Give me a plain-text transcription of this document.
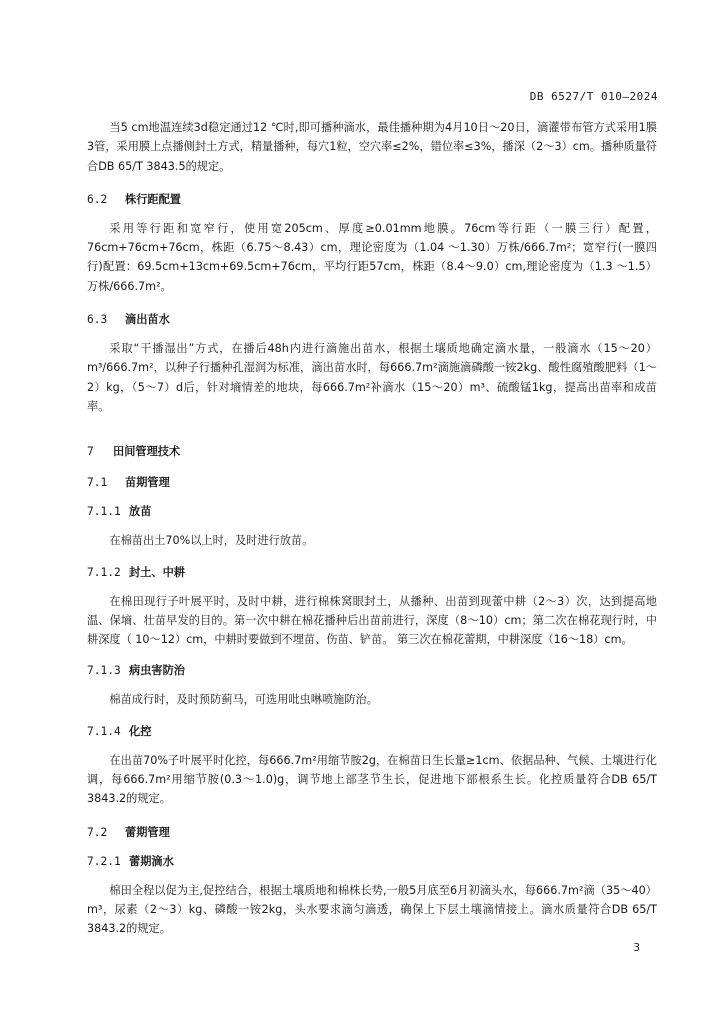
DB 6527/T 010—2024

当5 cm地温连续3d稳定通过12 ℃时,即可播种滴水，最佳播种期为4月10日～20日，滴灌带布管方式采用1膜3管，采用膜上点播侧封土方式，精量播种，每穴1粒，空穴率≤2%，错位率≤3%，播深（2～3）cm。播种质量符合DB 65/T 3843.5的规定。

6.2 株行距配置

采用等行距和宽窄行，使用宽205cm、厚度≥0.01mm地膜。76cm等行距（一膜三行）配置，76cm+76cm+76cm，株距（6.75～8.43）cm，理论密度为（1.04 ～1.30）万株/666.7m²；宽窄行(一膜四行)配置：69.5cm+13cm+69.5cm+76cm，平均行距57cm，株距（8.4～9.0）cm,理论密度为（1.3 ～1.5）万株/666.7m²。

6.3 滴出苗水

采取“干播湿出”方式，在播后48h内进行滴施出苗水，根据土壤质地确定滴水量，一般滴水（15～20）m³/666.7m²，以种子行播种孔湿润为标准，滴出苗水时，每666.7m²滴施滴磷酸一铵2kg、酸性腐殖酸肥料（1～2）kg，（5～7）d后，针对墒情差的地块，每666.7m²补滴水（15～20）m³、硫酸锰1kg，提高出苗率和成苗率。

7 田间管理技术
7.1 苗期管理
7.1.1 放苗

在棉苗出土70%以上时，及时进行放苗。

7.1.2 封土、中耕

在棉田现行子叶展平时，及时中耕，进行棉株窝眼封土，从播种、出苗到现蕾中耕（2～3）次，达到提高地温、保墒、壮苗早发的目的。第一次中耕在棉花播种后出苗前进行，深度（8～10）cm；第二次在棉花现行时，中耕深度（ 10～12）cm，中耕时要做到不埋苗、伤苗、铲苗。 第三次在棉花蕾期，中耕深度（16～18）cm。

7.1.3 病虫害防治

棉苗成行时，及时预防蓟马，可选用吡虫啉喷施防治。

7.1.4 化控

在出苗70%子叶展平时化控，每666.7m²用缩节胺2g，在棉苗日生长量≥1cm、依据品种、气候、土壤进行化调，每666.7m²用缩节胺(0.3～1.0)g，调节地上部茎节生长，促进地下部根系生长。化控质量符合DB 65/T 3843.2的规定。

7.2 蕾期管理
7.2.1 蕾期滴水

棉田全程以促为主,促控结合，根据土壤质地和棉株长势,一般5月底至6月初滴头水，每666.7m²滴（35～40） m³，尿素（2～3）kg、磷酸一铵2kg，头水要求滴匀滴透，确保上下层土壤滴情接上。滴水质量符合DB 65/T 3843.2的规定。

3
